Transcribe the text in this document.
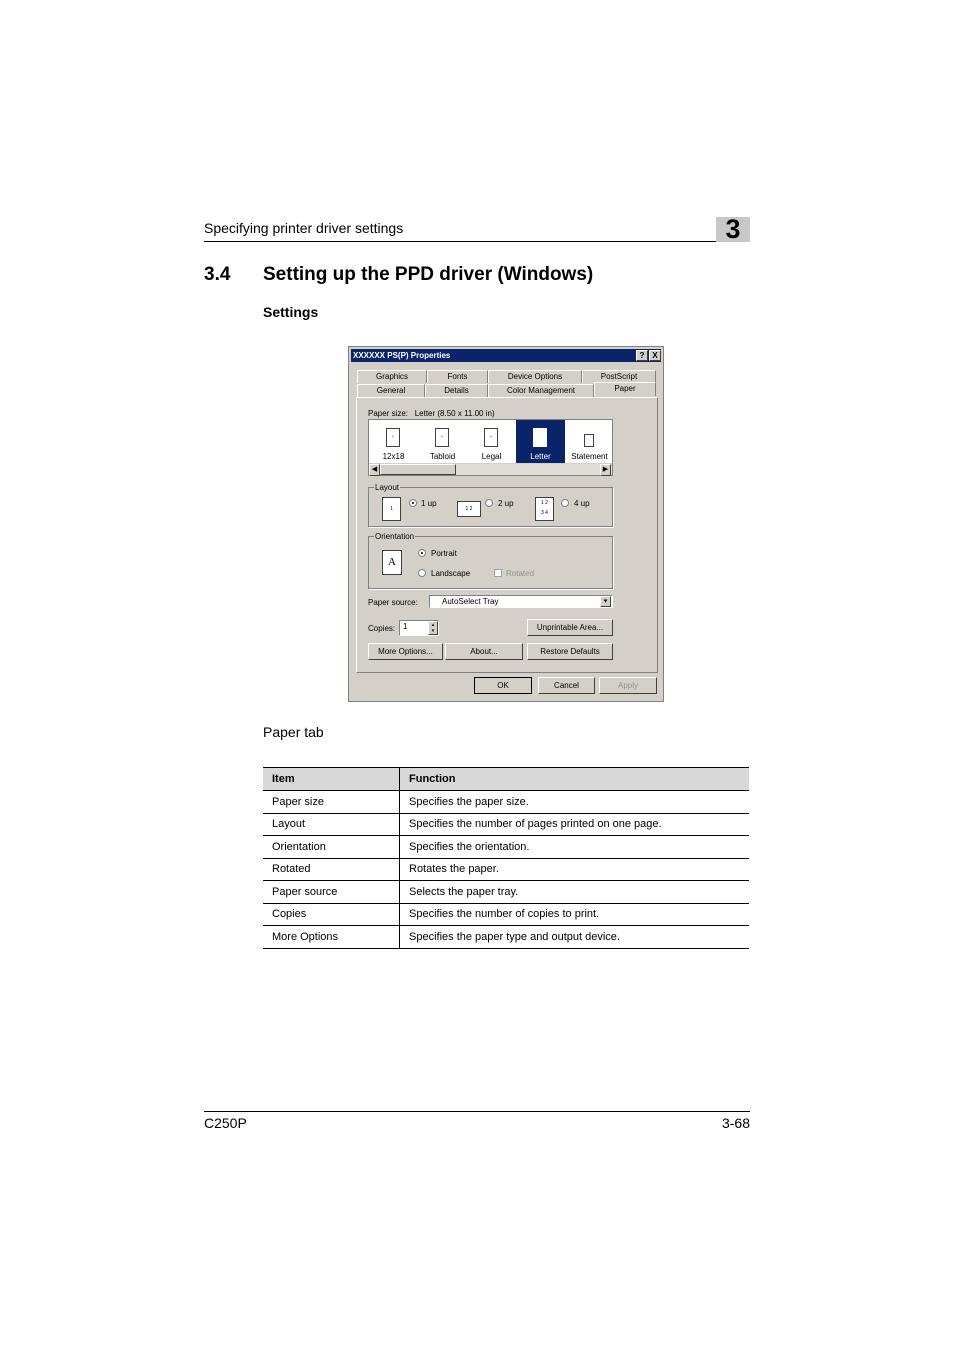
Specifying printer driver settings	3
3.4 Setting up the PPD driver (Windows)
Settings
XXXXXX PS(P) Properties	? X
Graphics	Fonts	Device Options	PostScript
General	Details	Color Management	Paper
Paper size: Letter (8.50 x 11.00 in)
+
12x18
+
Tabloid
+
Legal	Letter	Statement
◀	▶
Layout
1
1 up
1 2
2 up	1 2
3 4
4 up
Orientation
A
Portrait
Landscape	Rotated
Paper source:	AutoSelect Tray	▾
Copies: 1	▴
▾	Unprintable Area...
More Options...	About...	Restore Defaults
OK	Cancel	Apply
Paper tab
Item	Function
Paper size	Specifies the paper size.
Layout	Specifies the number of pages printed on one page.
Orientation	Specifies the orientation.
Rotated	Rotates the paper.
Paper source	Selects the paper tray.
Copies	Specifies the number of copies to print.
More Options	Specifies the paper type and output device.
C250P	3-68
